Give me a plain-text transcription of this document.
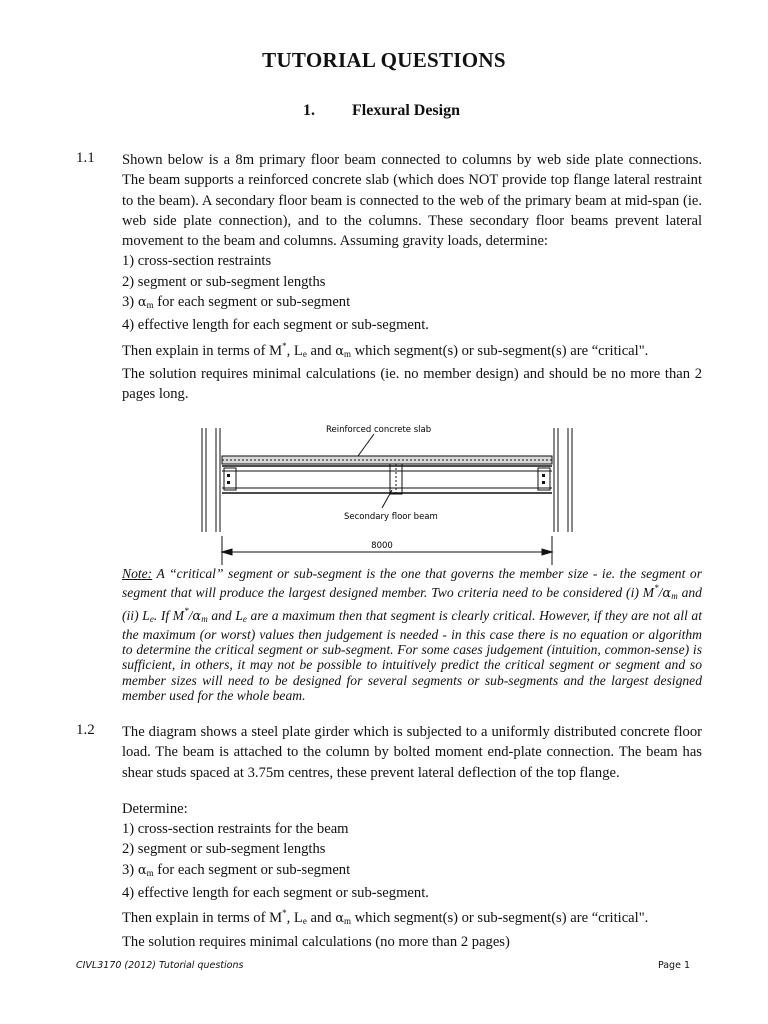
TUTORIAL QUESTIONS
1. Flexural Design
1.1 Shown below is a 8m primary floor beam connected to columns by web side plate connections. The beam supports a reinforced concrete slab (which does NOT provide top flange lateral restraint to the beam). A secondary floor beam is connected to the web of the primary beam at mid-span (ie. web side plate connection), and to the columns. These secondary floor beams prevent lateral movement to the beam and columns. Assuming gravity loads, determine:

1) cross-section restraints
2) segment or sub-segment lengths
3) $\alpha_m$ for each segment or sub-segment
4) effective length for each segment or sub-segment.

Then explain in terms of M*, $L_e$ and $\alpha_m$ which segment(s) or sub-segment(s) are “critical".

The solution requires minimal calculations (ie. no member design) and should be no more than 2 pages long.

Reinforced concrete slab
Secondary floor beam
8000
Note: A “critical” segment or sub-segment is the one that governs the member size - ie. the segment or segment that will produce the largest designed member. Two criteria need to be considered (i) $M^*/\alpha_m$ and (ii) $L_e$. If $M^*/\alpha_m$ and $L_e$ are a maximum then that segment is clearly critical. However, if they are not all at the maximum (or worst) values then judgement is needed - in this case there is no equation or algorithm to determine the critical segment or sub-segment. For some cases judgement (intuition, common-sense) is sufficient, in others, it may not be possible to intuitively predict the critical segment or segment and so member sizes will need to be designed for several segments or sub-segments and the largest designed member used for the whole beam.
1.2 The diagram shows a steel plate girder which is subjected to a uniformly distributed concrete floor load. The beam is attached to the column by bolted moment end-plate connection. The beam has shear studs spaced at 3.75m centres, these prevent lateral deflection of the top flange.

Determine:

1) cross-section restraints for the beam
2) segment or sub-segment lengths
3) $\alpha_m$ for each segment or sub-segment
4) effective length for each segment or sub-segment.

Then explain in terms of M*, $L_e$ and $\alpha_m$ which segment(s) or sub-segment(s) are “critical".

The solution requires minimal calculations (no more than 2 pages)

CIVL3170 (2012) Tutorial questions	Page 1
